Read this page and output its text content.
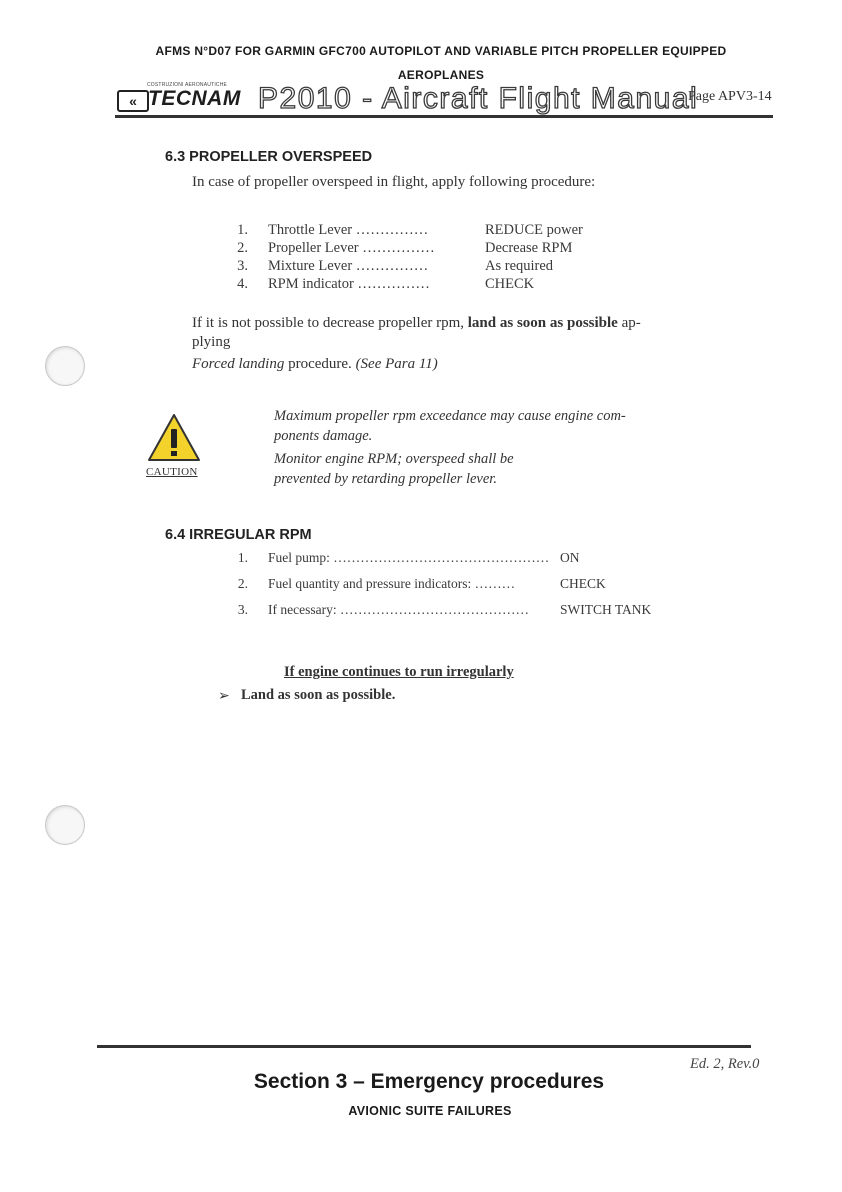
AFMS N°D07 FOR GARMIN GFC700 AUTOPILOT AND VARIABLE PITCH PROPELLER EQUIPPED
AEROPLANES
COSTRUZIONI AERONAUTICHE
« TECNAM P2010 - Aircraft Flight Manual
Page APV3-14
6.3 PROPELLER OVERSPEED
In case of propeller overspeed in flight, apply following procedure:
1. Throttle Lever ……………	REDUCE power
2. Propeller Lever ……………	Decrease RPM
3. Mixture Lever ……………	As required
4. RPM indicator ……………	CHECK
If it is not possible to decrease propeller rpm, land as soon as possible ap-
plying
Forced landing procedure. (See Para 11)
CAUTION
Maximum propeller rpm exceedance may cause engine com-
ponents damage.
Monitor engine RPM; overspeed shall be
prevented by retarding propeller lever.
6.4 IRREGULAR RPM
1. Fuel pump: ………………………………………… ON
2. Fuel quantity and pressure indicators: ………	CHECK
3. If necessary: …………………………………… SWITCH TANK
If engine continues to run irregularly
➢ Land as soon as possible.
Ed. 2, Rev.0
Section 3 – Emergency procedures
AVIONIC SUITE FAILURES
